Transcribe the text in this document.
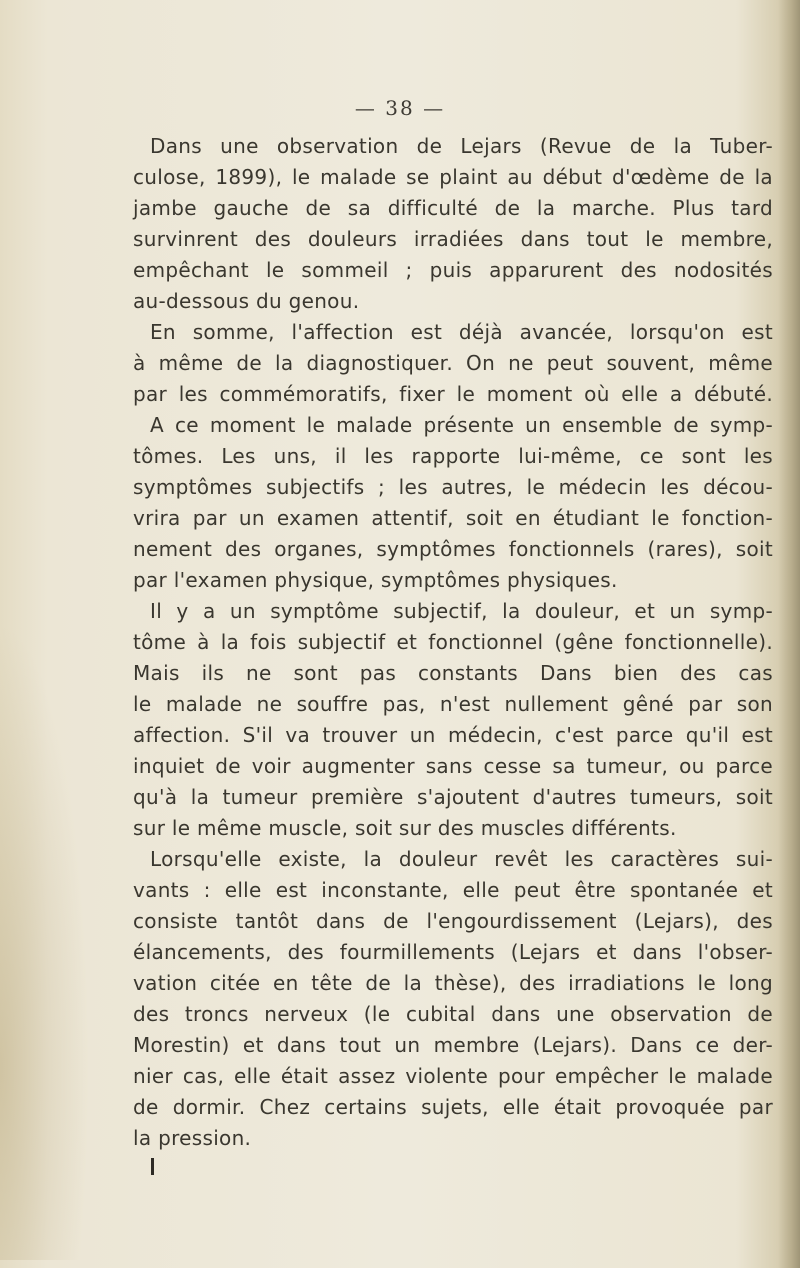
— 38 —
Dans une observation de Lejars (Revue de la Tuber-
culose, 1899), le malade se plaint au début d'œdème de la
jambe gauche de sa difficulté de la marche. Plus tard
survinrent des douleurs irradiées dans tout le membre,
empêchant le sommeil ; puis apparurent des nodosités
au-dessous du genou.
En somme, l'affection est déjà avancée, lorsqu'on est
à même de la diagnostiquer. On ne peut souvent, même
par les commémoratifs, fixer le moment où elle a débuté.
A ce moment le malade présente un ensemble de symp-
tômes. Les uns, il les rapporte lui-même, ce sont les
symptômes subjectifs ; les autres, le médecin les décou-
vrira par un examen attentif, soit en étudiant le fonction-
nement des organes, symptômes fonctionnels (rares), soit
par l'examen physique, symptômes physiques.
Il y a un symptôme subjectif, la douleur, et un symp-
tôme à la fois subjectif et fonctionnel (gêne fonctionnelle).
Mais ils ne sont pas constants Dans bien des cas
le malade ne souffre pas, n'est nullement gêné par son
affection. S'il va trouver un médecin, c'est parce qu'il est
inquiet de voir augmenter sans cesse sa tumeur, ou parce
qu'à la tumeur première s'ajoutent d'autres tumeurs, soit
sur le même muscle, soit sur des muscles différents.
Lorsqu'elle existe, la douleur revêt les caractères sui-
vants : elle est inconstante, elle peut être spontanée et
consiste tantôt dans de l'engourdissement (Lejars), des
élancements, des fourmillements (Lejars et dans l'obser-
vation citée en tête de la thèse), des irradiations le long
des troncs nerveux (le cubital dans une observation de
Morestin) et dans tout un membre (Lejars). Dans ce der-
nier cas, elle était assez violente pour empêcher le malade
de dormir. Chez certains sujets, elle était provoquée par
la pression.
